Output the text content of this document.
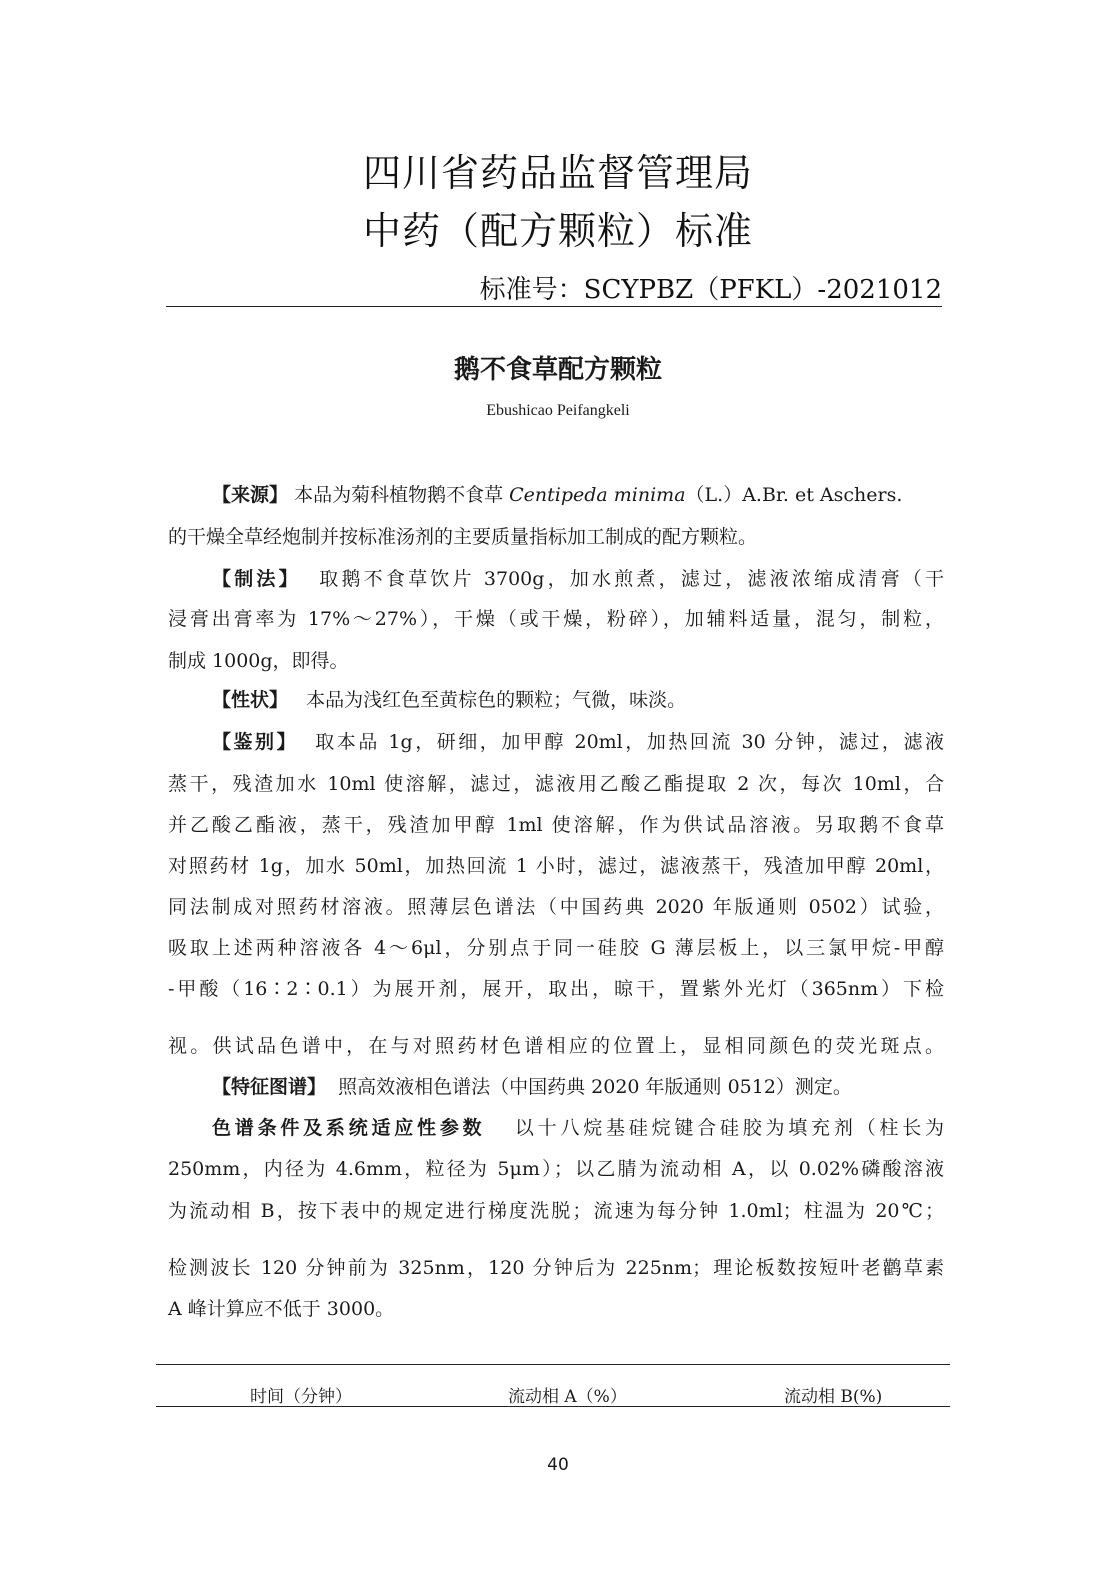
四川省药品监督管理局
中药（配方颗粒）标准
标准号：SCYPBZ（PFKL）-2021012
鹅不食草配方颗粒
Ebushicao Peifangkeli
【来源】 本品为菊科植物鹅不食草 Centipeda minima（L.）A.Br. et Aschers.
的干燥全草经炮制并按标准汤剂的主要质量指标加工制成的配方颗粒。
【制法】 取鹅不食草饮片 3700g，加水煎煮，滤过，滤液浓缩成清膏（干
浸膏出膏率为 17%～27%），干燥（或干燥，粉碎），加辅料适量，混匀，制粒，
制成 1000g，即得。
【性状】 本品为浅红色至黄棕色的颗粒；气微，味淡。
【鉴别】 取本品 1g，研细，加甲醇 20ml，加热回流 30 分钟，滤过，滤液
蒸干，残渣加水 10ml 使溶解，滤过，滤液用乙酸乙酯提取 2 次，每次 10ml，合
并乙酸乙酯液，蒸干，残渣加甲醇 1ml 使溶解，作为供试品溶液。另取鹅不食草
对照药材 1g，加水 50ml，加热回流 1 小时，滤过，滤液蒸干，残渣加甲醇 20ml，
同法制成对照药材溶液。照薄层色谱法（中国药典 2020 年版通则 0502）试验，
吸取上述两种溶液各 4～6μl，分别点于同一硅胶 G 薄层板上，以三氯甲烷-甲醇
-甲酸（16∶2∶0.1）为展开剂，展开，取出，晾干，置紫外光灯（365nm）下检
视。供试品色谱中，在与对照药材色谱相应的位置上，显相同颜色的荧光斑点。
【特征图谱】 照高效液相色谱法（中国药典 2020 年版通则 0512）测定。
色谱条件及系统适应性参数 以十八烷基硅烷键合硅胶为填充剂（柱长为
250mm，内径为 4.6mm，粒径为 5μm）；以乙腈为流动相 A，以 0.02%磷酸溶液
为流动相 B，按下表中的规定进行梯度洗脱；流速为每分钟 1.0ml；柱温为 20℃；
检测波长 120 分钟前为 325nm，120 分钟后为 225nm；理论板数按短叶老鹳草素
A 峰计算应不低于 3000。
时间（分钟）	流动相 A（%）	流动相 B(%)
40
